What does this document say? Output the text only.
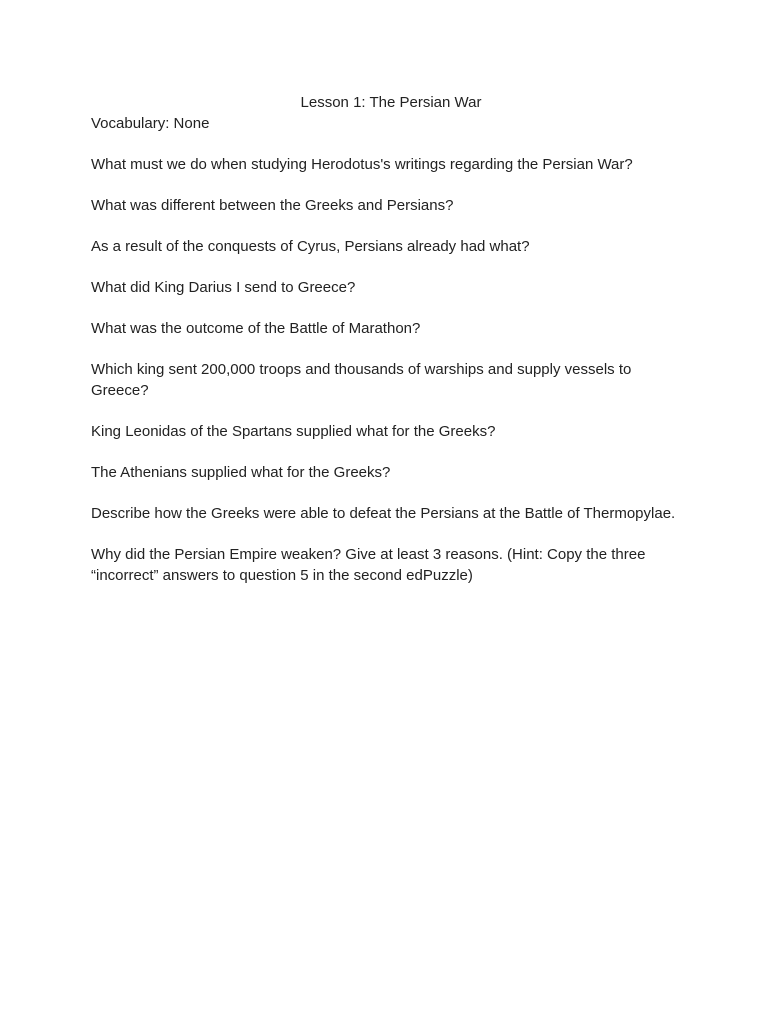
Lesson 1: The Persian War

Vocabulary: None

What must we do when studying Herodotus's writings regarding the Persian War?

What was different between the Greeks and Persians?

As a result of the conquests of Cyrus, Persians already had what?

What did King Darius I send to Greece?

What was the outcome of the Battle of Marathon?

Which king sent 200,000 troops and thousands of warships and supply vessels to Greece?

King Leonidas of the Spartans supplied what for the Greeks?

The Athenians supplied what for the Greeks?

Describe how the Greeks were able to defeat the Persians at the Battle of Thermopylae.

Why did the Persian Empire weaken? Give at least 3 reasons. (Hint: Copy the three “incorrect” answers to question 5 in the second edPuzzle)
